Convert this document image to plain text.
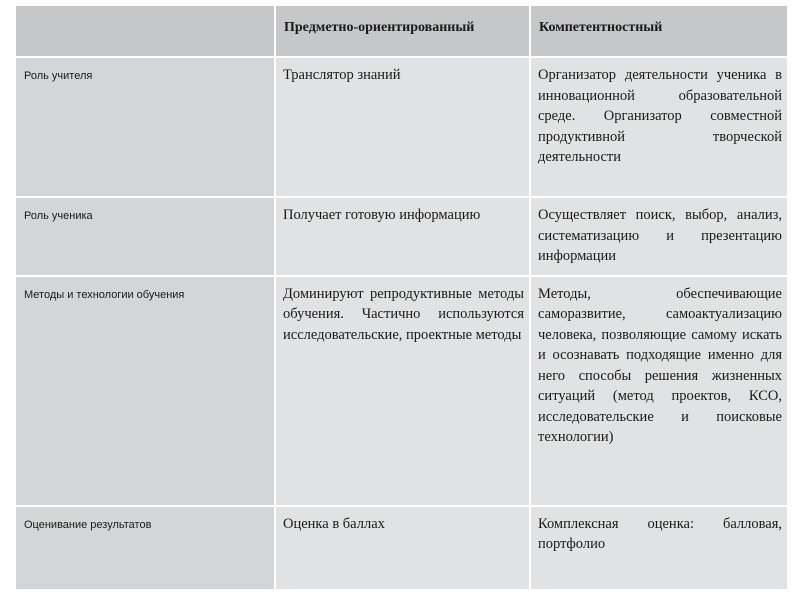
	Предметно-ориентированный	Компетентностный

Роль учителя	Транслятор знаний	Организатор деятельности ученика в инновационной образовательной среде. Организатор совместной продуктивной творческой деятельности

Роль ученика	Получает готовую информацию	Осуществляет поиск, выбор, анализ, систематизацию и презентацию информации

Методы и технологии обучения	Доминируют репродуктивные методы обучения. Частично используются исследовательские, проектные методы	Методы, обеспечивающие саморазвитие, самоактуализацию человека, позволяющие самому искать и осознавать подходящие именно для него способы решения жизненных ситуаций (метод проектов, КСО, исследовательские и поисковые технологии)

Оценивание результатов	Оценка в баллах	Комплексная оценка: балловая, портфолио
